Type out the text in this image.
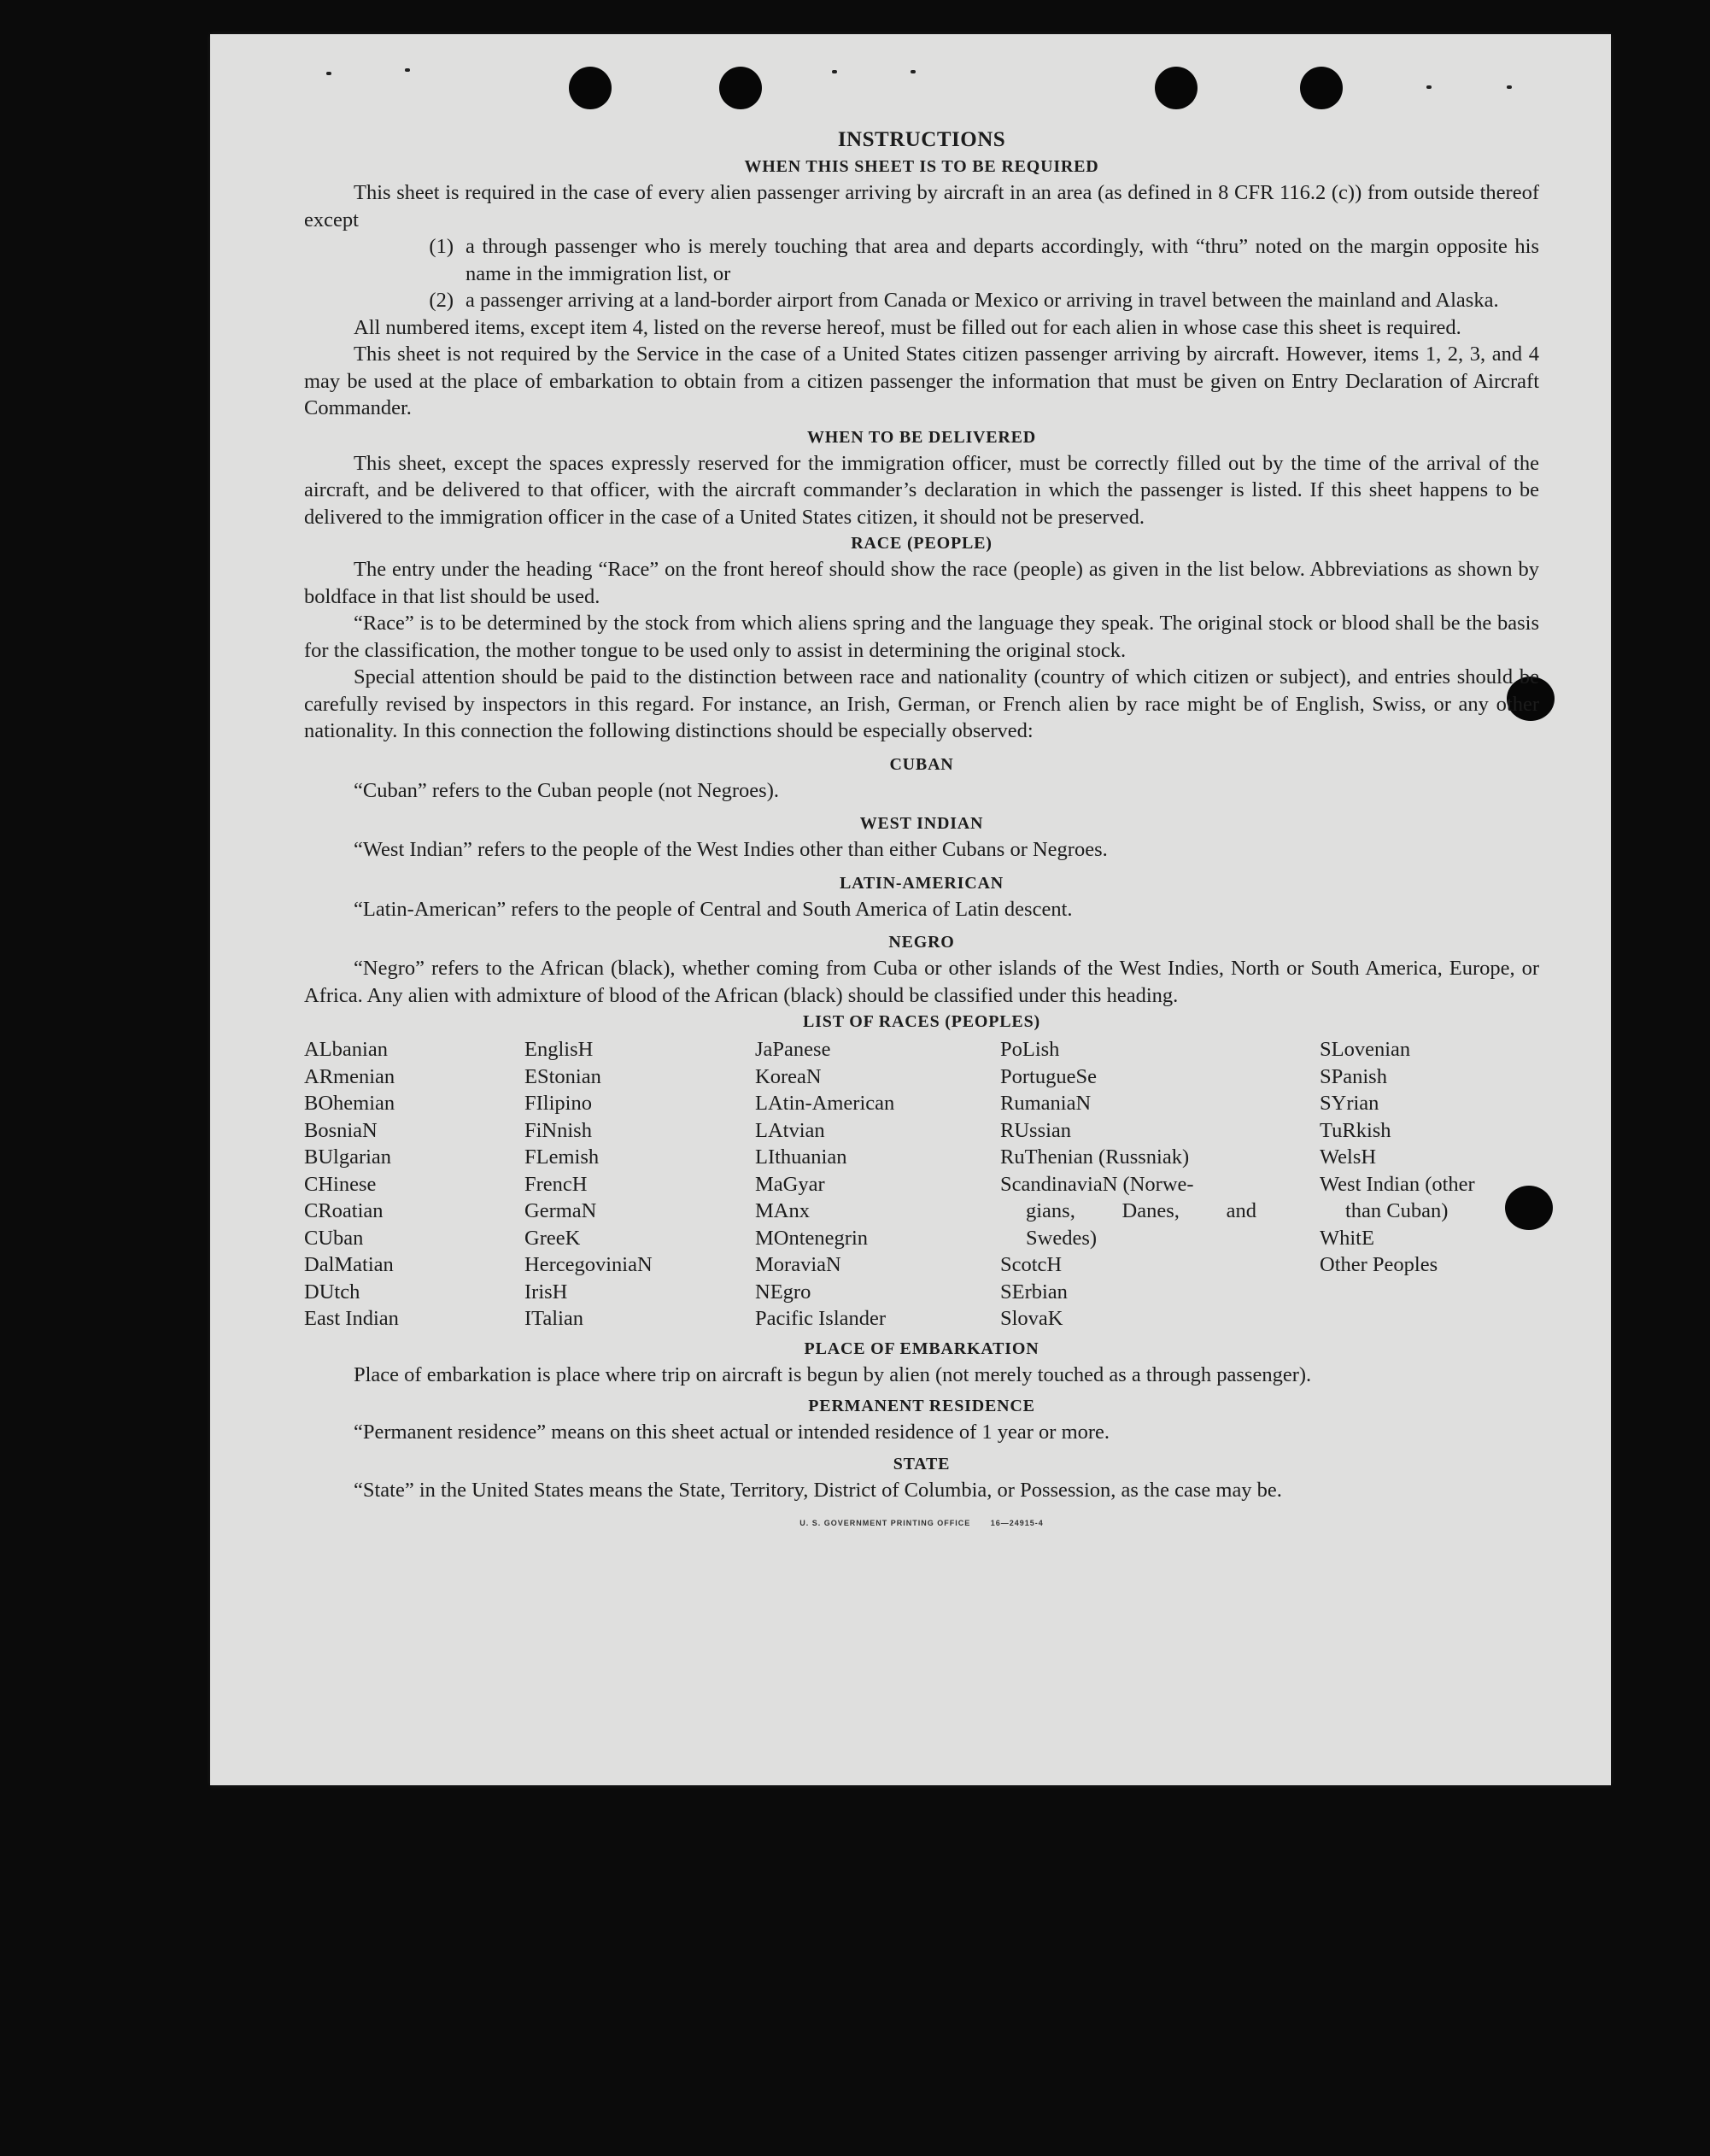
INSTRUCTIONS
WHEN THIS SHEET IS TO BE REQUIRED

This sheet is required in the case of every alien passenger arriving by aircraft in an area (as defined in 8 CFR 116.2 (c)) from outside thereof except

(1) a through passenger who is merely touching that area and departs accordingly, with “thru” noted on the margin opposite his name in the immigration list, or
(2) a passenger arriving at a land-border airport from Canada or Mexico or arriving in travel between the mainland and Alaska.

All numbered items, except item 4, listed on the reverse hereof, must be filled out for each alien in whose case this sheet is required.

This sheet is not required by the Service in the case of a United States citizen passenger arriving by aircraft. However, items 1, 2, 3, and 4 may be used at the place of embarkation to obtain from a citizen passenger the information that must be given on Entry Declaration of Aircraft Commander.

WHEN TO BE DELIVERED

This sheet, except the spaces expressly reserved for the immigration officer, must be correctly filled out by the time of the arrival of the aircraft, and be delivered to that officer, with the aircraft commander’s declaration in which the passenger is listed. If this sheet happens to be delivered to the immigration officer in the case of a United States citizen, it should not be preserved.

RACE (PEOPLE)

The entry under the heading “Race” on the front hereof should show the race (people) as given in the list below. Abbreviations as shown by boldface in that list should be used.

“Race” is to be determined by the stock from which aliens spring and the language they speak. The original stock or blood shall be the basis for the classification, the mother tongue to be used only to assist in determining the original stock.

Special attention should be paid to the distinction between race and nationality (country of which citizen or subject), and entries should be carefully revised by inspectors in this regard. For instance, an Irish, German, or French alien by race might be of English, Swiss, or any other nationality. In this connection the following distinctions should be especially observed:

CUBAN

“Cuban” refers to the Cuban people (not Negroes).

WEST INDIAN

“West Indian” refers to the people of the West Indies other than either Cubans or Negroes.

LATIN-AMERICAN

“Latin-American” refers to the people of Central and South America of Latin descent.

NEGRO

“Negro” refers to the African (black), whether coming from Cuba or other islands of the West Indies, North or South America, Europe, or Africa. Any alien with admixture of blood of the African (black) should be classified under this heading.

LIST OF RACES (PEOPLES)
ALbanian
ARmenian
BOhemian
BosniaN
BUlgarian
CHinese
CRoatian
CUban
DalMatian
DUtch
East Indian
EnglisH
EStonian
FIlipino
FiNnish
FLemish
FrencH
GermaN
GreeK
HercegoviniaN
IrisH
ITalian
JaPanese
KoreaN
LAtin-American
LAtvian
LIthuanian
MaGyar
MAnx
MOntenegrin
MoraviaN
NEgro
Pacific Islander
PoLish
PortugueSe
RumaniaN
RUssian
RuThenian (Russniak)
ScandinaviaN (Norwe-
gians, Danes, and
Swedes)
ScotcH
SErbian
SlovaK
SLovenian
SPanish
SYrian
TuRkish
WelsH
West Indian (other
than Cuban)
WhitE
Other Peoples
PLACE OF EMBARKATION

Place of embarkation is place where trip on aircraft is begun by alien (not merely touched as a through passenger).

PERMANENT RESIDENCE

“Permanent residence” means on this sheet actual or intended residence of 1 year or more.

STATE

“State” in the United States means the State, Territory, District of Columbia, or Possession, as the case may be.

U. S. GOVERNMENT PRINTING OFFICE	16—24915-4
